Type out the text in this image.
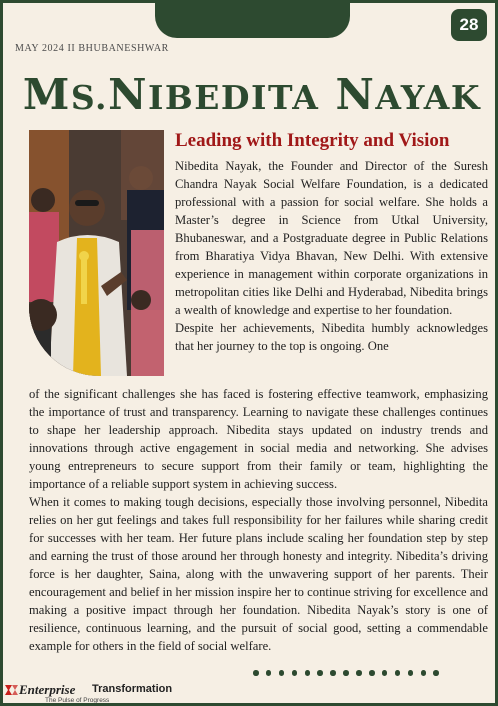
28
MAY 2024 II BHUBANESHWAR
MS.NIBEDITA NAYAK
Leading with Integrity and Vision

Nibedita Nayak, the Founder and Director of the Suresh Chandra Nayak Social Welfare Foundation, is a dedicated professional with a passion for social welfare. She holds a Master’s degree in Science from Utkal University, Bhubaneswar, and a Postgraduate degree in Public Relations from Bharatiya Vidya Bhavan, New Delhi. With extensive experience in management within corporate organizations in metropolitan cities like Delhi and Hyderabad, Nibedita brings a wealth of knowledge and expertise to her foundation.

Despite her achievements, Nibedita humbly acknowledges that her journey to the top is ongoing. One

of the significant challenges she has faced is fostering effective teamwork, emphasizing the importance of trust and transparency. Learning to navigate these challenges continues to shape her leadership approach. Nibedita stays updated on industry trends and innovations through active engagement in social media and networking. She advises young entrepreneurs to secure support from their family or team, highlighting the importance of a reliable support system in achieving success.

When it comes to making tough decisions, especially those involving personnel, Nibedita relies on her gut feelings and takes full responsibility for her failures while sharing credit for successes with her team. Her future plans include scaling her foundation step by step and earning the trust of those around her through honesty and integrity. Nibedita’s driving force is her daughter, Saina, along with the unwavering support of her parents. Their encouragement and belief in her mission inspire her to continue striving for excellence and making a positive impact through her foundation. Nibedita Nayak’s story is one of resilience, continuous learning, and the pursuit of social good, setting a commendable example for others in the field of social welfare.

Enterprise Transformation
The Pulse of Progress
